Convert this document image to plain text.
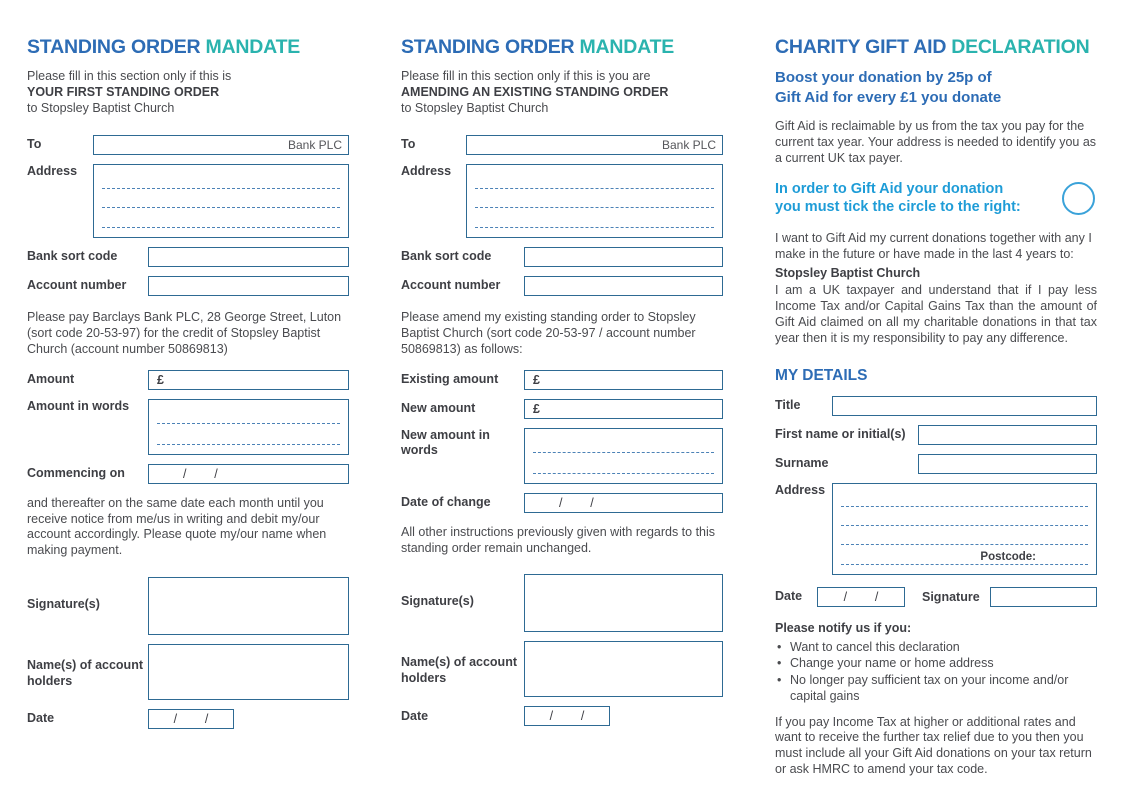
STANDING ORDER MANDATE
Please fill in this section only if this is
YOUR FIRST STANDING ORDER
to Stopsley Baptist Church
To	Bank PLC
Address
Bank sort code
Account number
Please pay Barclays Bank PLC, 28 George Street, Luton (sort code 20-53-97) for the credit of Stopsley Baptist Church (account number 50869813)
Amount	£
Amount in words
Commencing on	/        /
and thereafter on the same date each month until you receive notice from me/us in writing and debit my/our account accordingly. Please quote my/our name when making payment.
Signature(s)
Name(s) of account holders
Date	/        /
STANDING ORDER MANDATE
Please fill in this section only if this is you are
AMENDING AN EXISTING STANDING ORDER
to Stopsley Baptist Church
To	Bank PLC
Address
Bank sort code
Account number
Please amend my existing standing order to Stopsley Baptist Church (sort code 20-53-97 / account number 50869813) as follows:
Existing amount	£
New amount	£
New amount in words
Date of change	/        /
All other instructions previously given with regards to this standing order remain unchanged.
Signature(s)
Name(s) of account holders
Date	/        /
CHARITY GIFT AID DECLARATION
Boost your donation by 25p of
Gift Aid for every £1 you donate
Gift Aid is reclaimable by us from the tax you pay for the current tax year. Your address is needed to identify you as a current UK tax payer.
In order to Gift Aid your donation
you must tick the circle to the right:
I want to Gift Aid my current donations together with any I make in the future or have made in the last 4 years to:
Stopsley Baptist Church
I am a UK taxpayer and understand that if I pay less Income Tax and/or Capital Gains Tax than the amount of Gift Aid claimed on all my charitable donations in that tax year then it is my responsibility to pay any difference.
MY DETAILS
Title
First name or initial(s)
Surname
Address
Postcode:
Date	/        /	Signature
Please notify us if you:
• Want to cancel this declaration
• Change your name or home address
• No longer pay sufficient tax on your income and/or capital gains
If you pay Income Tax at higher or additional rates and want to receive the further tax relief due to you then you must include all your Gift Aid donations on your tax return or ask HMRC to amend your tax code.
